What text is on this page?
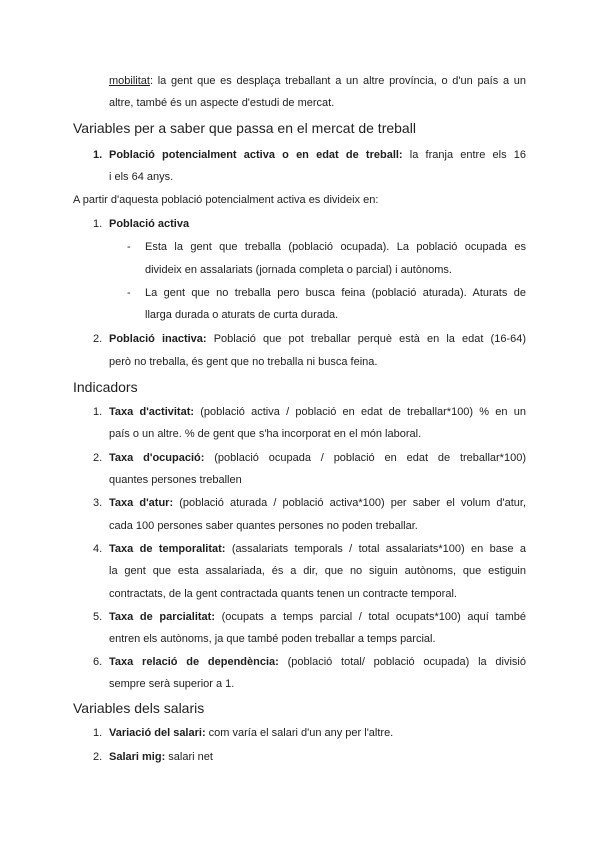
mobilitat: la gent que es desplaça treballant a un altre província, o d'un país a un
altre, també és un aspecte d'estudi de mercat.
Variables per a saber que passa en el mercat de treball
1. Població potencialment activa o en edat de treball: la franja entre els 16
i els 64 anys.
A partir d'aquesta població potencialment activa es divideix en:
1. Població activa
- Esta la gent que treballa (població ocupada). La població ocupada es
divideix en assalariats (jornada completa o parcial) i autònoms.
- La gent que no treballa pero busca feina (població aturada). Aturats de
llarga durada o aturats de curta durada.
2. Població inactiva: Població que pot treballar perquè està en la edat (16-64)
però no treballa, és gent que no treballa ni busca feina.
Indicadors
1. Taxa d'activitat: (població activa / població en edat de treballar*100) % en un
país o un altre. % de gent que s'ha incorporat en el món laboral.
2. Taxa d'ocupació: (població ocupada / població en edat de treballar*100)
quantes persones treballen
3. Taxa d'atur: (població aturada / població activa*100) per saber el volum d'atur,
cada 100 persones saber quantes persones no poden treballar.
4. Taxa de temporalitat: (assalariats temporals / total assalariats*100) en base a
la gent que esta assalariada, és a dir, que no siguin autònoms, que estiguin
contractats, de la gent contractada quants tenen un contracte temporal.
5. Taxa de parcialitat: (ocupats a temps parcial / total ocupats*100) aquí també
entren els autònoms, ja que també poden treballar a temps parcial.
6. Taxa relació de dependència: (població total/ població ocupada) la divisió
sempre serà superior a 1.
Variables dels salaris
1. Variació del salari: com varía el salari d'un any per l'altre.
2. Salari mig: salari net
